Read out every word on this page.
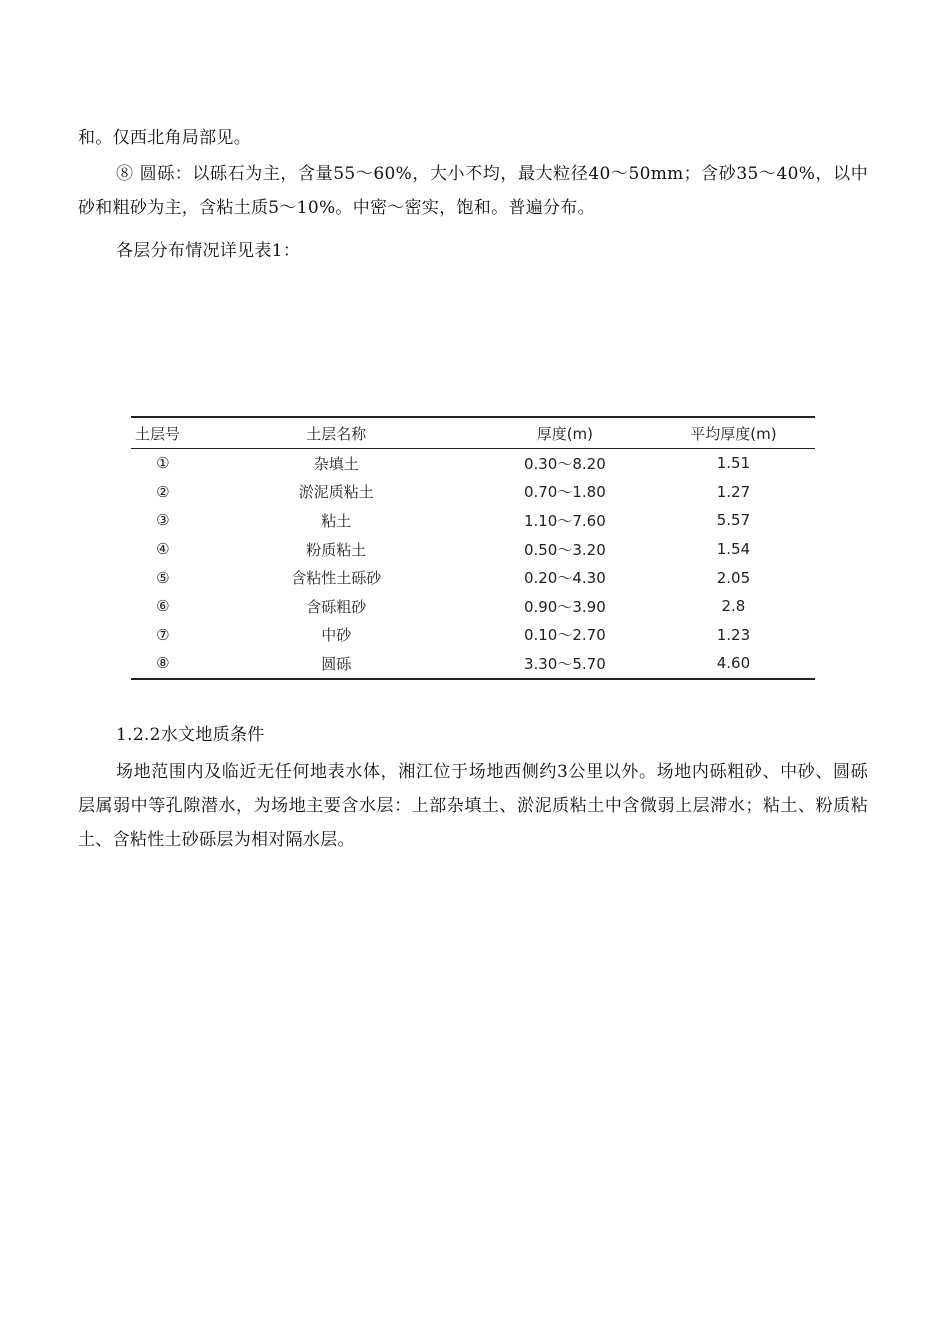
和。仅西北角局部见。
⑧ 圆砾：以砾石为主，含量55～60%，大小不均，最大粒径40～50mm；含砂35～40%，以中砂和粗砂为主，含粘土质5～10%。中密～密实，饱和。普遍分布。
各层分布情况详见表1：
土层号	土层名称	厚度(m)	平均厚度(m)
①	杂填土	0.30～8.20	1.51
②	淤泥质粘土	0.70～1.80	1.27
③	粘土	1.10～7.60	5.57
④	粉质粘土	0.50～3.20	1.54
⑤	含粘性土砾砂	0.20～4.30	2.05
⑥	含砾粗砂	0.90～3.90	2.8
⑦	中砂	0.10～2.70	1.23
⑧	圆砾	3.30～5.70	4.60
1.2.2水文地质条件
场地范围内及临近无任何地表水体，湘江位于场地西侧约3公里以外。场地内砾粗砂、中砂、圆砾层属弱中等孔隙潜水，为场地主要含水层：上部杂填土、淤泥质粘土中含微弱上层滞水；粘土、粉质粘土、含粘性土砂砾层为相对隔水层。
